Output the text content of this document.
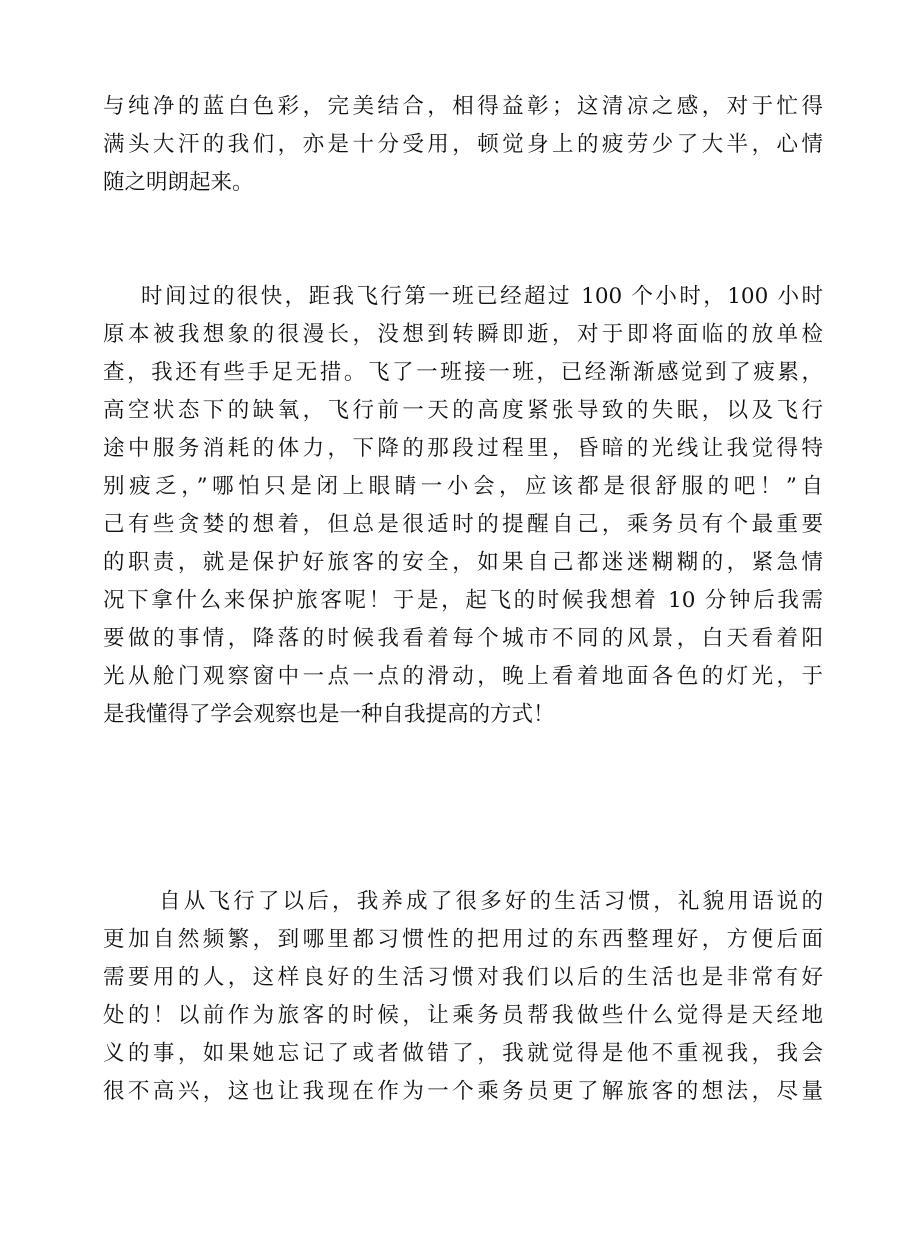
与纯净的蓝白色彩，完美结合，相得益彰；这清凉之感，对于忙得
满头大汗的我们，亦是十分受用，顿觉身上的疲劳少了大半，心情
随之明朗起来。
时间过的很快，距我飞行第一班已经超过 100 个小时，100 小时
原本被我想象的很漫长，没想到转瞬即逝，对于即将面临的放单检
查，我还有些手足无措。飞了一班接一班，已经渐渐感觉到了疲累，
高空状态下的缺氧，飞行前一天的高度紧张导致的失眠，以及飞行
途中服务消耗的体力，下降的那段过程里，昏暗的光线让我觉得特
别疲乏，”哪怕只是闭上眼睛一小会，应该都是很舒服的吧！”自
己有些贪婪的想着，但总是很适时的提醒自己，乘务员有个最重要
的职责，就是保护好旅客的安全，如果自己都迷迷糊糊的，紧急情
况下拿什么来保护旅客呢！于是，起飞的时候我想着 10 分钟后我需
要做的事情，降落的时候我看着每个城市不同的风景，白天看着阳
光从舱门观察窗中一点一点的滑动，晚上看着地面各色的灯光，于
是我懂得了学会观察也是一种自我提高的方式！
自从飞行了以后，我养成了很多好的生活习惯，礼貌用语说的
更加自然频繁，到哪里都习惯性的把用过的东西整理好，方便后面
需要用的人，这样良好的生活习惯对我们以后的生活也是非常有好
处的！以前作为旅客的时候，让乘务员帮我做些什么觉得是天经地
义的事，如果她忘记了或者做错了，我就觉得是他不重视我，我会
很不高兴，这也让我现在作为一个乘务员更了解旅客的想法，尽量
